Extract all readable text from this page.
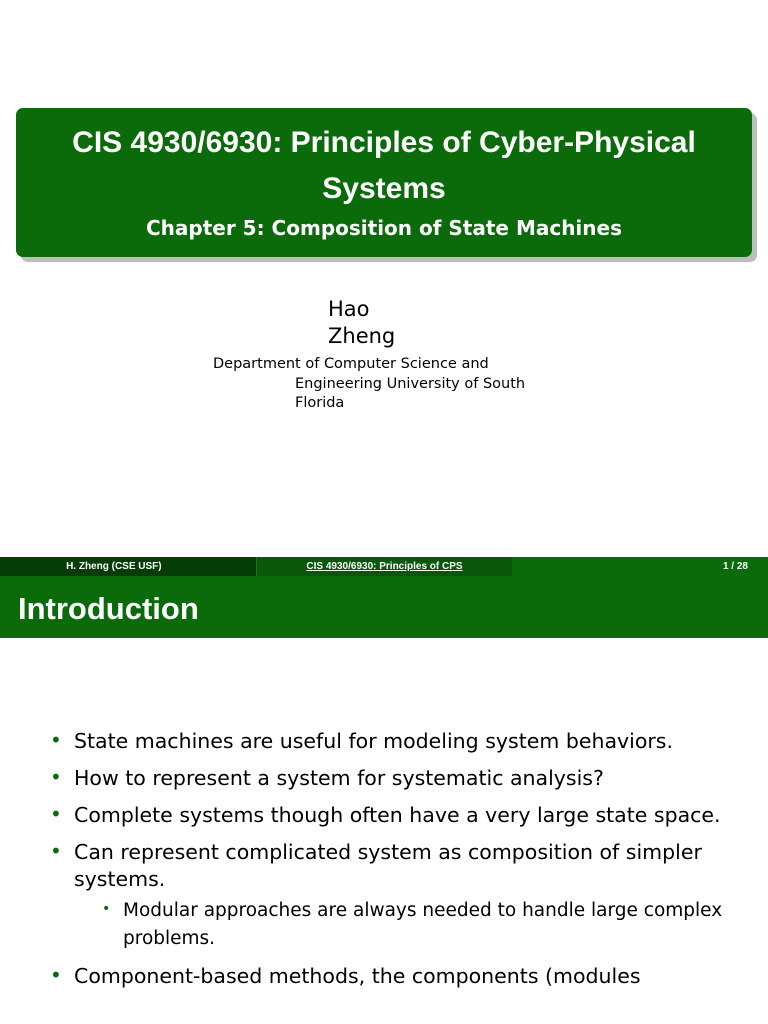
CIS 4930/6930: Principles of Cyber-Physical Systems
Chapter 5: Composition of State Machines
Hao
Zheng
Department of Computer Science and
Engineering University of South
Florida
H. Zheng (CSE USF)	CIS 4930/6930: Principles of CPS	1 / 28
Introduction
• State machines are useful for modeling system behaviors.
• How to represent a system for systematic analysis?
• Complete systems though often have a very large state space.
• Can represent complicated system as composition of simpler systems.
• Modular approaches are always needed to handle large complex problems.
• Component-based methods, the components (modules
